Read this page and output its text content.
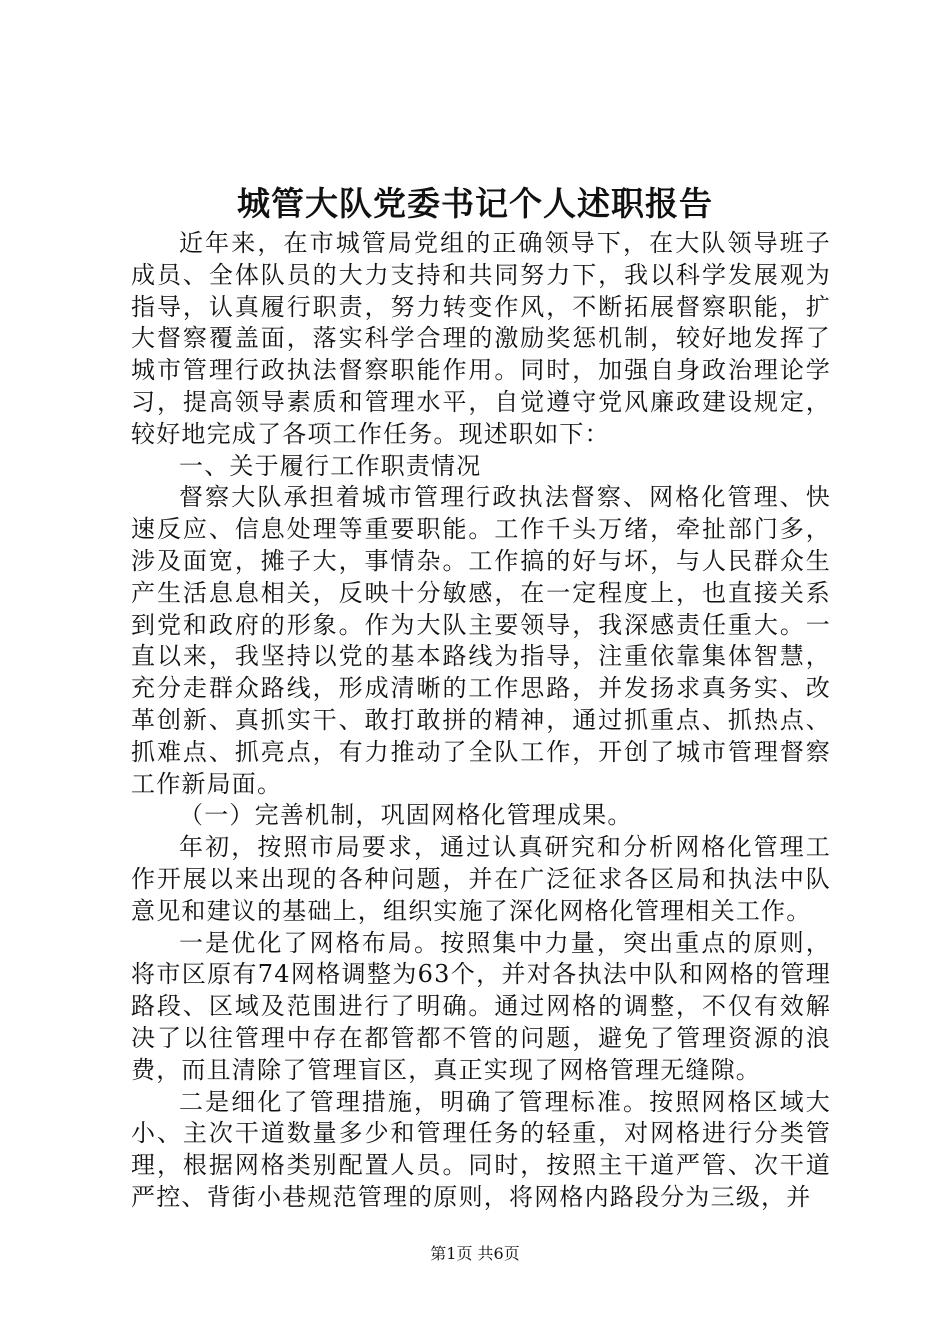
城管大队党委书记个人述职报告

近年来，在市城管局党组的正确领导下，在大队领导班子成员、全体队员的大力支持和共同努力下，我以科学发展观为指导，认真履行职责，努力转变作风，不断拓展督察职能，扩大督察覆盖面，落实科学合理的激励奖惩机制，较好地发挥了城市管理行政执法督察职能作用。同时，加强自身政治理论学习，提高领导素质和管理水平，自觉遵守党风廉政建设规定，较好地完成了各项工作任务。现述职如下：

一、关于履行工作职责情况

督察大队承担着城市管理行政执法督察、网格化管理、快速反应、信息处理等重要职能。工作千头万绪，牵扯部门多，涉及面宽，摊子大，事情杂。工作搞的好与坏，与人民群众生产生活息息相关，反映十分敏感，在一定程度上，也直接关系到党和政府的形象。作为大队主要领导，我深感责任重大。一直以来，我坚持以党的基本路线为指导，注重依靠集体智慧，充分走群众路线，形成清晰的工作思路，并发扬求真务实、改革创新、真抓实干、敢打敢拼的精神，通过抓重点、抓热点、抓难点、抓亮点，有力推动了全队工作，开创了城市管理督察工作新局面。

（一）完善机制，巩固网格化管理成果。

年初，按照市局要求，通过认真研究和分析网格化管理工作开展以来出现的各种问题，并在广泛征求各区局和执法中队意见和建议的基础上，组织实施了深化网格化管理相关工作。

一是优化了网格布局。按照集中力量，突出重点的原则，将市区原有74网格调整为63个，并对各执法中队和网格的管理路段、区域及范围进行了明确。通过网格的调整，不仅有效解决了以往管理中存在都管都不管的问题，避免了管理资源的浪费，而且清除了管理盲区，真正实现了网格管理无缝隙。

二是细化了管理措施，明确了管理标准。按照网格区域大小、主次干道数量多少和管理任务的轻重，对网格进行分类管理，根据网格类别配置人员。同时，按照主干道严管、次干道严控、背街小巷规范管理的原则，将网格内路段分为三级，并

第1页 共6页
